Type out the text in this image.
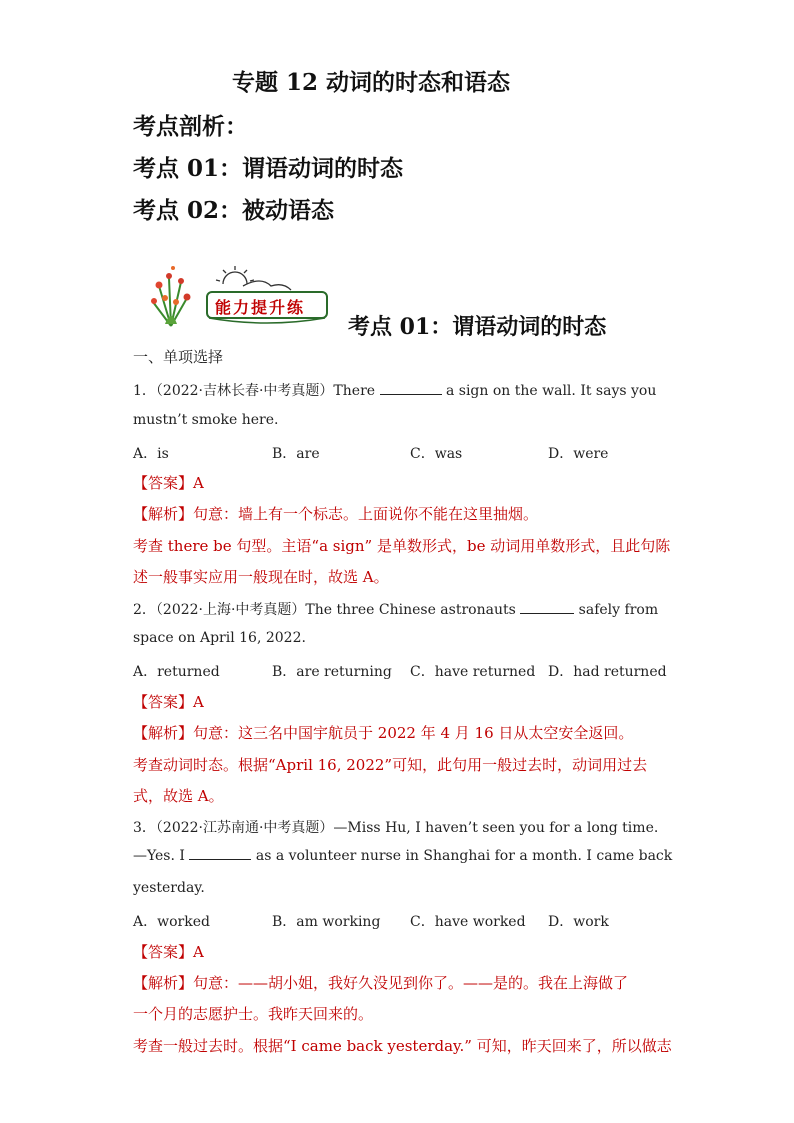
专题 12 动词的时态和语态
考点剖析：
考点 01：谓语动词的时态
考点 02：被动语态
能力提升练
考点 01：谓语动词的时态
一、单项选择
1．（2022·吉林长春·中考真题）There	a sign on the wall. It says you
mustn’t smoke here.
A．is	B．are	C．was	D．were
【答案】A
【解析】句意：墙上有一个标志。上面说你不能在这里抽烟。
考查 there be 句型。主语“a sign” 是单数形式，be 动词用单数形式，且此句陈
述一般事实应用一般现在时，故选 A。
2．（2022·上海·中考真题）The three Chinese astronauts	safely from
space on April 16, 2022.
A．returned	B．are returning C．have returned D．had returned
【答案】A
【解析】句意：这三名中国宇航员于 2022 年 4 月 16 日从太空安全返回。
考查动词时态。根据“April 16, 2022”可知，此句用一般过去时，动词用过去
式，故选 A。
3．（2022·江苏南通·中考真题）—Miss Hu, I haven’t seen you for a long time.
—Yes. I	as a volunteer nurse in Shanghai for a month. I came back
yesterday.
A．worked	B．am working C．have worked D．work
【答案】A
【解析】句意：——胡小姐，我好久没见到你了。——是的。我在上海做了
一个月的志愿护士。我昨天回来的。
考查一般过去时。根据“I came back yesterday.” 可知，昨天回来了，所以做志
